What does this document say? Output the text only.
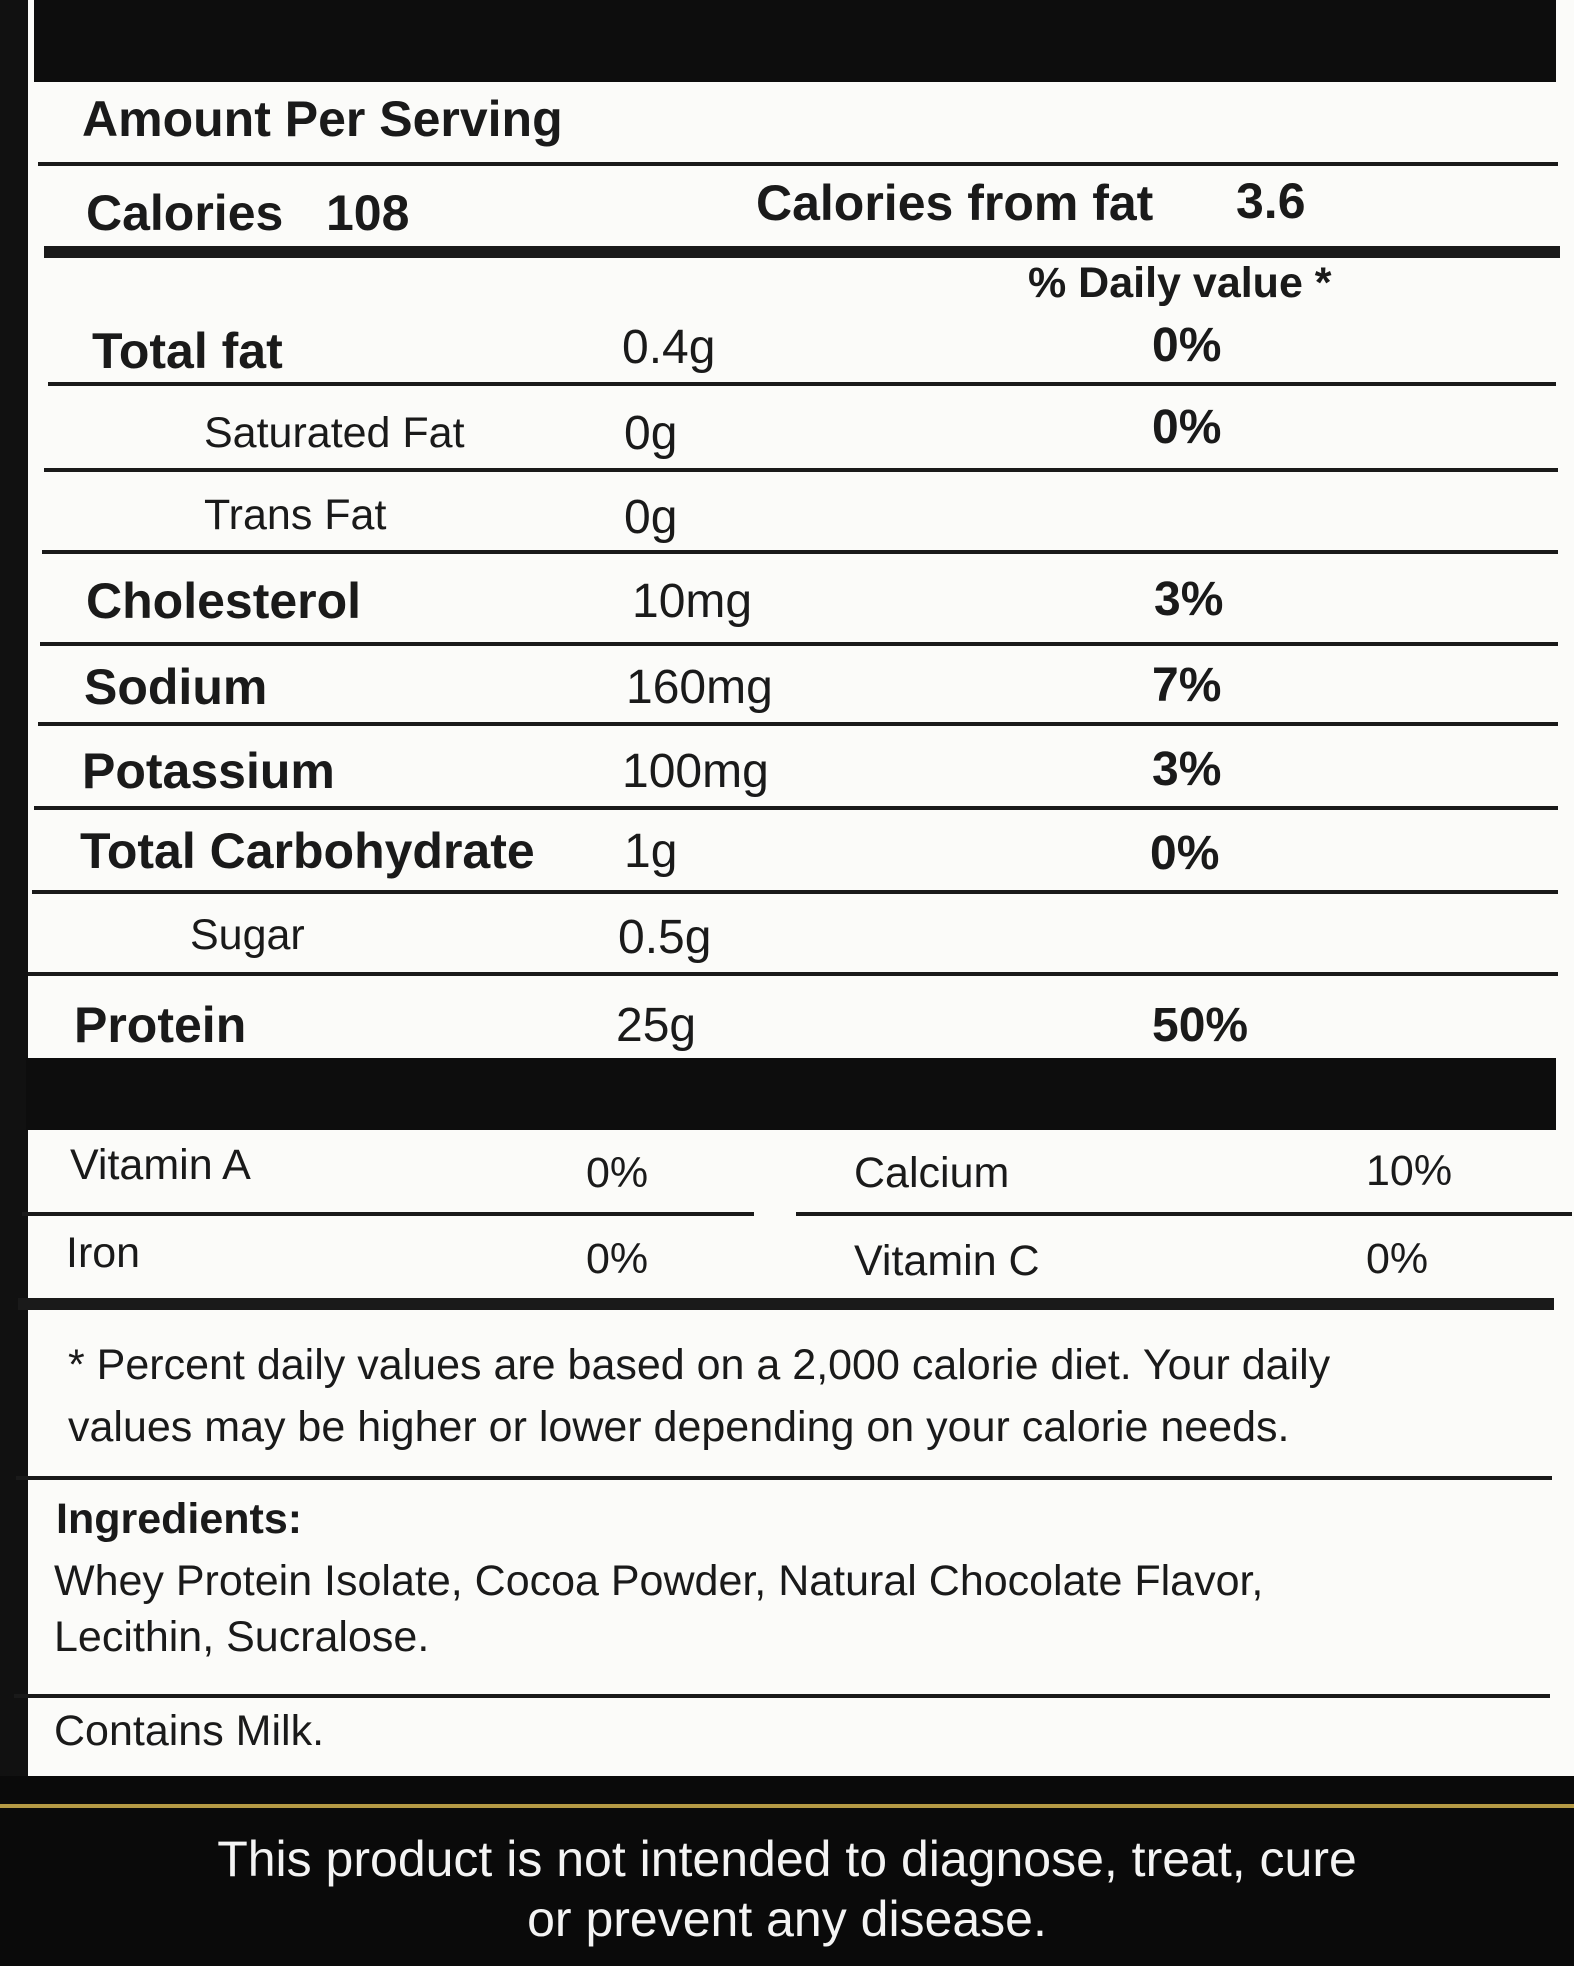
Amount Per Serving
Calories 108	Calories from fat 3.6
% Daily value *
Total fat	0.4g	0%
Saturated Fat	0g	0%
Trans Fat	0g
Cholesterol	10mg	3%
Sodium	160mg	7%
Potassium	100mg	3%
Total Carbohydrate 1g	0%
Sugar	0.5g
Protein	25g	50%
Vitamin A	0%	Calcium	10%
Iron	0%	Vitamin C	0%
* Percent daily values are based on a 2,000 calorie diet. Your daily
values may be higher or lower depending on your calorie needs.
Ingredients:
Whey Protein Isolate, Cocoa Powder, Natural Chocolate Flavor,
Lecithin, Sucralose.
Contains Milk.
This product is not intended to diagnose, treat, cure
or prevent any disease.
